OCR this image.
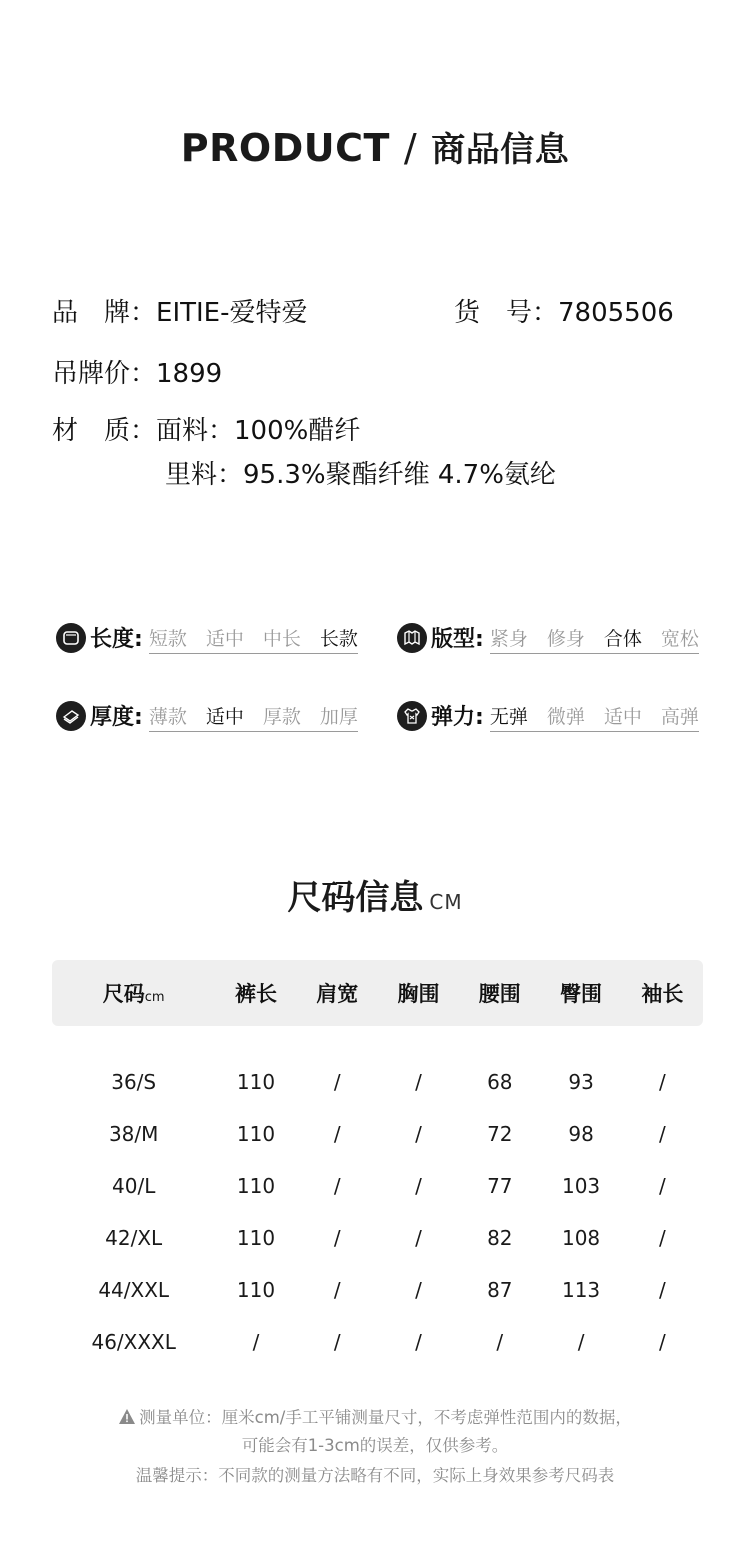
PRODUCT / 商品信息
品　牌：EITIE-爱特爱	货　号：7805506
吊牌价：1899
材　质：面料：100%醋纤
里料：95.3%聚酯纤维 4.7%氨纶
长度: 短款 适中 中长 长款	版型: 紧身 修身 合体 宽松
厚度: 薄款 适中 厚款 加厚	弹力: 无弹 微弹 适中 高弹
尺码信息 CM
尺码cm	裤长	肩宽	胸围	腰围	臀围	袖长
36/S	110	/	/	68	93	/
38/M	110	/	/	72	98	/
40/L	110	/	/	77	103	/
42/XL	110	/	/	82	108	/
44/XXL	110	/	/	87	113	/
46/XXXL	/	/	/	/	/	/
测量单位：厘米cm/手工平铺测量尺寸，不考虑弹性范围内的数据，
可能会有1-3cm的误差，仅供参考。
温馨提示：不同款的测量方法略有不同，实际上身效果参考尺码表
